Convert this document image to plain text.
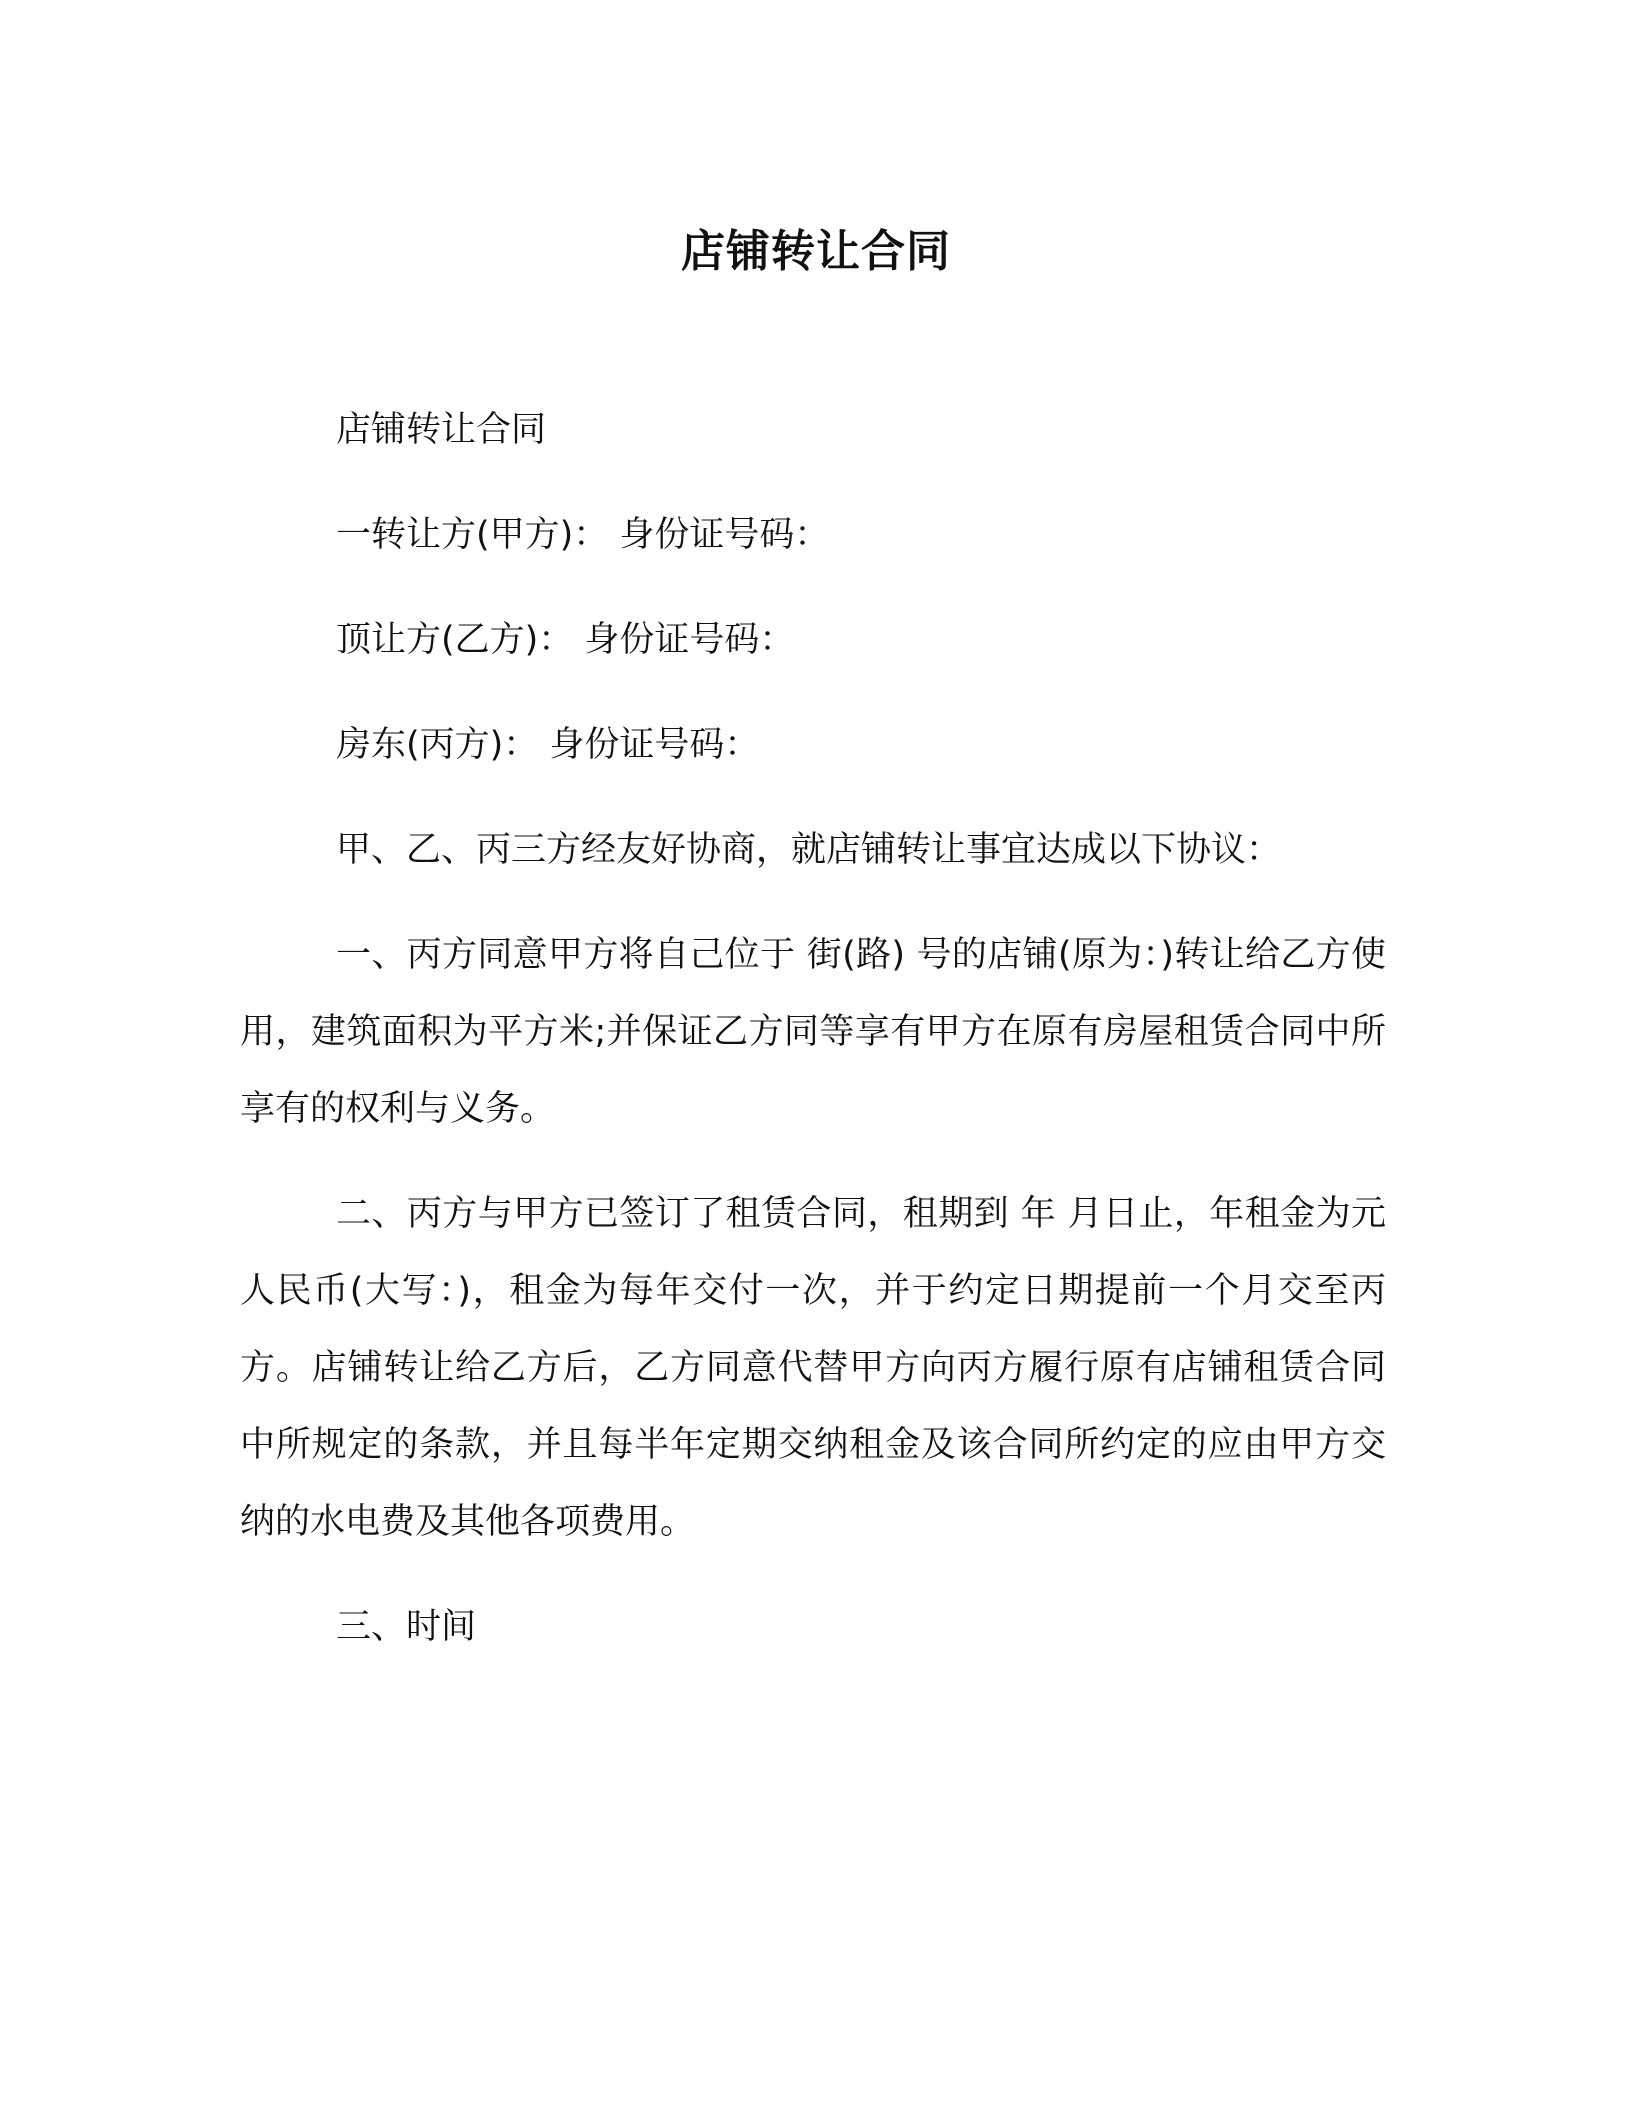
店铺转让合同

店铺转让合同

一转让方(甲方)： 身份证号码：

顶让方(乙方)： 身份证号码：

房东(丙方)： 身份证号码：

甲、乙、丙三方经友好协商，就店铺转让事宜达成以下协议：

一、丙方同意甲方将自己位于 街(路) 号的店铺(原为：)转让给乙方使用，建筑面积为平方米;并保证乙方同等享有甲方在原有房屋租赁合同中所享有的权利与义务。

二、丙方与甲方已签订了租赁合同，租期到 年 月日止，年租金为元人民币(大写：)，租金为每年交付一次，并于约定日期提前一个月交至丙方。店铺转让给乙方后，乙方同意代替甲方向丙方履行原有店铺租赁合同中所规定的条款，并且每半年定期交纳租金及该合同所约定的应由甲方交纳的水电费及其他各项费用。

三、时间
